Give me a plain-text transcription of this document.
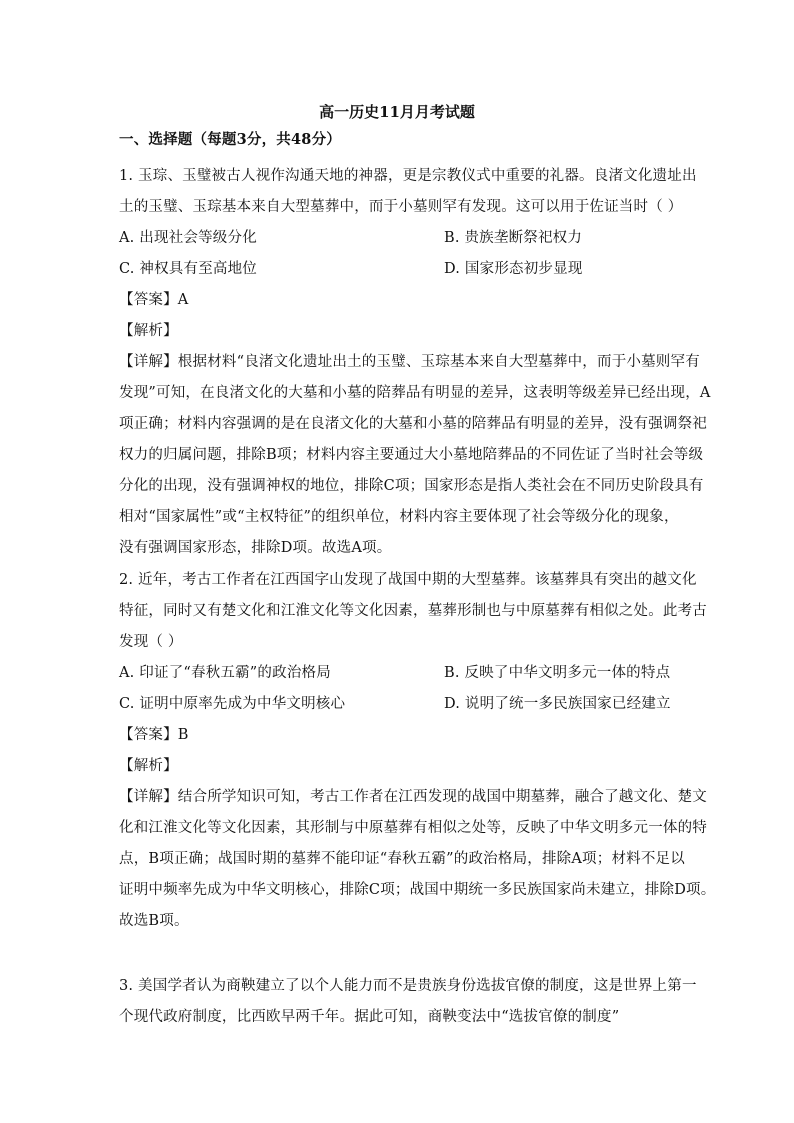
高一历史11月月考试题
一、选择题（每题3分，共48分）
1. 玉琮、玉璧被古人视作沟通天地的神器，更是宗教仪式中重要的礼器。良渚文化遗址出
土的玉璧、玉琮基本来自大型墓葬中，而于小墓则罕有发现。这可以用于佐证当时（ ）
A. 出现社会等级分化	B. 贵族垄断祭祀权力
C. 神权具有至高地位	D. 国家形态初步显现
【答案】A
【解析】
【详解】根据材料“良渚文化遗址出土的玉璧、玉琮基本来自大型墓葬中，而于小墓则罕有
发现”可知，在良渚文化的大墓和小墓的陪葬品有明显的差异，这表明等级差异已经出现，A
项正确；材料内容强调的是在良渚文化的大墓和小墓的陪葬品有明显的差异，没有强调祭祀
权力的归属问题，排除B项；材料内容主要通过大小墓地陪葬品的不同佐证了当时社会等级
分化的出现，没有强调神权的地位，排除C项；国家形态是指人类社会在不同历史阶段具有
相对“国家属性”或“主权特征”的组织单位，材料内容主要体现了社会等级分化的现象，
没有强调国家形态，排除D项。故选A项。
2. 近年，考古工作者在江西国字山发现了战国中期的大型墓葬。该墓葬具有突出的越文化
特征，同时又有楚文化和江淮文化等文化因素，墓葬形制也与中原墓葬有相似之处。此考古
发现（ ）
A. 印证了“春秋五霸”的政治格局	B. 反映了中华文明多元一体的特点
C. 证明中原率先成为中华文明核心	D. 说明了统一多民族国家已经建立
【答案】B
【解析】
【详解】结合所学知识可知，考古工作者在江西发现的战国中期墓葬，融合了越文化、楚文
化和江淮文化等文化因素，其形制与中原墓葬有相似之处等，反映了中华文明多元一体的特
点，B项正确；战国时期的墓葬不能印证“春秋五霸”的政治格局，排除A项；材料不足以
证明中频率先成为中华文明核心，排除C项；战国中期统一多民族国家尚未建立，排除D项。
故选B项。
3. 美国学者认为商鞅建立了以个人能力而不是贵族身份选拔官僚的制度，这是世界上第一
个现代政府制度，比西欧早两千年。据此可知，商鞅变法中“选拔官僚的制度”
